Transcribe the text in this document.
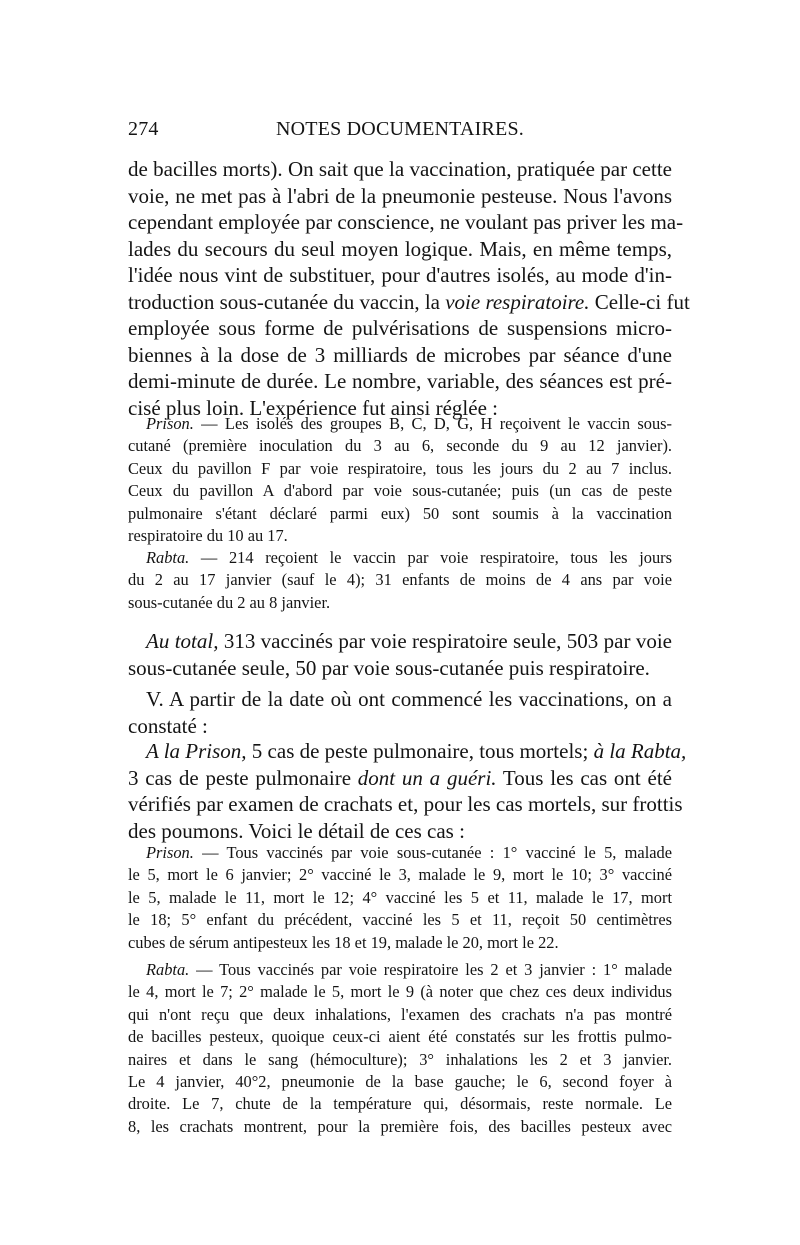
274	NOTES DOCUMENTAIRES.
de bacilles morts). On sait que la vaccination, pratiquée par cette
voie, ne met pas à l'abri de la pneumonie pesteuse. Nous l'avons
cependant employée par conscience, ne voulant pas priver les ma-
lades du secours du seul moyen logique. Mais, en même temps,
l'idée nous vint de substituer, pour d'autres isolés, au mode d'in-
troduction sous-cutanée du vaccin, la voie respiratoire. Celle-ci fut
employée sous forme de pulvérisations de suspensions micro-
biennes à la dose de 3 milliards de microbes par séance d'une
demi-minute de durée. Le nombre, variable, des séances est pré-
cisé plus loin. L'expérience fut ainsi réglée :
Prison. — Les isolés des groupes B, C, D, G, H reçoivent le vaccin sous-
cutané (première inoculation du 3 au 6, seconde du 9 au 12 janvier).
Ceux du pavillon F par voie respiratoire, tous les jours du 2 au 7 inclus.
Ceux du pavillon A d'abord par voie sous-cutanée; puis (un cas de peste
pulmonaire s'étant déclaré parmi eux) 50 sont soumis à la vaccination
respiratoire du 10 au 17.
Rabta. — 214 reçoient le vaccin par voie respiratoire, tous les jours
du 2 au 17 janvier (sauf le 4); 31 enfants de moins de 4 ans par voie
sous-cutanée du 2 au 8 janvier.
Au total, 313 vaccinés par voie respiratoire seule, 503 par voie
sous-cutanée seule, 50 par voie sous-cutanée puis respiratoire.
V. A partir de la date où ont commencé les vaccinations, on a
constaté :
A la Prison, 5 cas de peste pulmonaire, tous mortels; à la Rabta,
3 cas de peste pulmonaire dont un a guéri. Tous les cas ont été
vérifiés par examen de crachats et, pour les cas mortels, sur frottis
des poumons. Voici le détail de ces cas :
Prison. — Tous vaccinés par voie sous-cutanée : 1° vacciné le 5, malade
le 5, mort le 6 janvier; 2° vacciné le 3, malade le 9, mort le 10; 3° vacciné
le 5, malade le 11, mort le 12; 4° vacciné les 5 et 11, malade le 17, mort
le 18; 5° enfant du précédent, vacciné les 5 et 11, reçoit 50 centimètres
cubes de sérum antipesteux les 18 et 19, malade le 20, mort le 22.
Rabta. — Tous vaccinés par voie respiratoire les 2 et 3 janvier : 1° malade
le 4, mort le 7; 2° malade le 5, mort le 9 (à noter que chez ces deux individus
qui n'ont reçu que deux inhalations, l'examen des crachats n'a pas montré
de bacilles pesteux, quoique ceux-ci aient été constatés sur les frottis pulmo-
naires et dans le sang (hémoculture); 3° inhalations les 2 et 3 janvier.
Le 4 janvier, 40°2, pneumonie de la base gauche; le 6, second foyer à
droite. Le 7, chute de la température qui, désormais, reste normale. Le
8, les crachats montrent, pour la première fois, des bacilles pesteux avec
